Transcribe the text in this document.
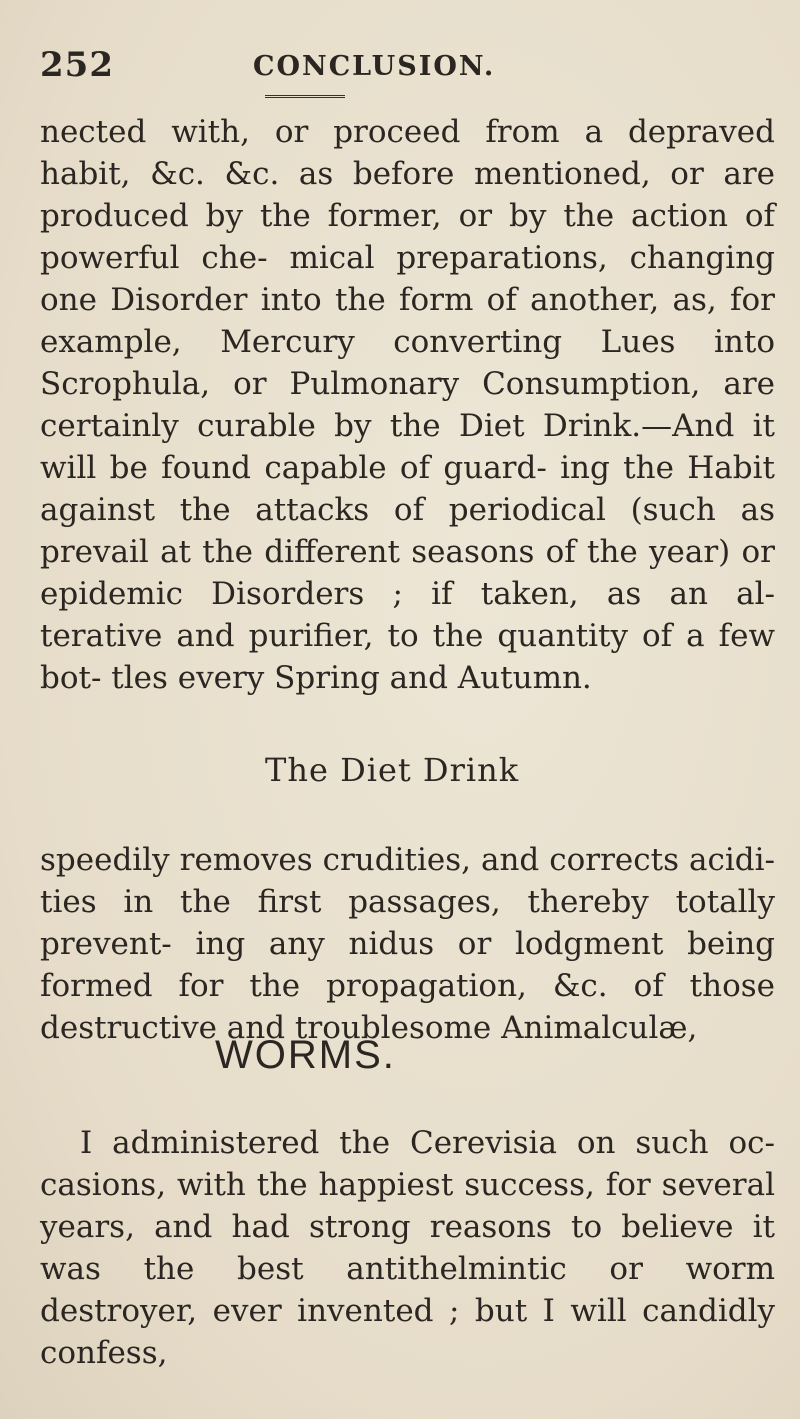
252	CONCLUSION.

nected with, or proceed from a depraved habit, &c. &c. as before mentioned, or are produced by the former, or by the action of powerful che- mical preparations, changing one Disorder into the form of another, as, for example, Mercury converting Lues into Scrophula, or Pulmonary Consumption, are certainly curable by the Diet Drink.—And it will be found capable of guard- ing the Habit against the attacks of periodical (such as prevail at the different seasons of the year) or epidemic Disorders ; if taken, as an al- terative and purifier, to the quantity of a few bot- tles every Spring and Autumn.

The Diet Drink

speedily removes crudities, and corrects acidi- ties in the first passages, thereby totally prevent- ing any nidus or lodgment being formed for the propagation, &c. of those destructive and troublesome Animalculæ,

WORMS.

I administered the Cerevisia on such oc- casions, with the happiest success, for several years, and had strong reasons to believe it was the best antithelmintic or worm destroyer, ever invented ; but I will candidly confess,
